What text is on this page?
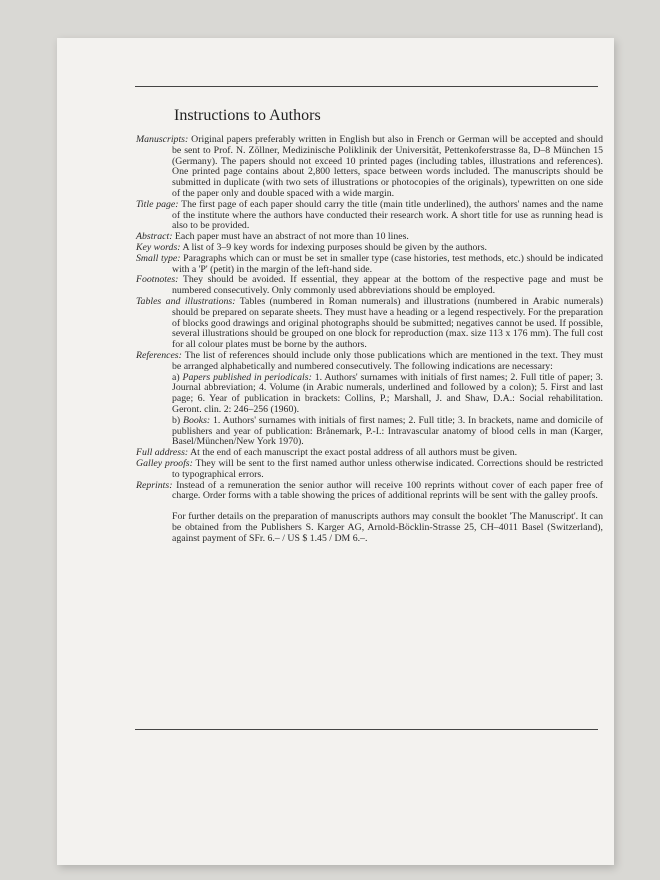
Instructions to Authors

Manuscripts: Original papers preferably written in English but also in French or German will be accepted and should be sent to Prof. N. Zöllner, Medizinische Poliklinik der Universität, Pettenkoferstrasse 8a, D–8 München 15 (Germany). The papers should not exceed 10 printed pages (including tables, illustrations and references). One printed page contains about 2,800 letters, space between words included. The manuscripts should be submitted in duplicate (with two sets of illustrations or photocopies of the originals), typewritten on one side of the paper only and double spaced with a wide margin.

Title page: The first page of each paper should carry the title (main title underlined), the authors' names and the name of the institute where the authors have conducted their research work. A short title for use as running head is also to be provided.

Abstract: Each paper must have an abstract of not more than 10 lines.

Key words: A list of 3–9 key words for indexing purposes should be given by the authors.

Small type: Paragraphs which can or must be set in smaller type (case histories, test methods, etc.) should be indicated with a 'P' (petit) in the margin of the left-hand side.

Footnotes: They should be avoided. If essential, they appear at the bottom of the respective page and must be numbered consecutively. Only commonly used abbreviations should be employed.

Tables and illustrations: Tables (numbered in Roman numerals) and illustrations (numbered in Arabic numerals) should be prepared on separate sheets. They must have a heading or a legend respectively. For the preparation of blocks good drawings and original photographs should be submitted; negatives cannot be used. If possible, several illustrations should be grouped on one block for reproduction (max. size 113 x 176 mm). The full cost for all colour plates must be borne by the authors.

References: The list of references should include only those publications which are mentioned in the text. They must be arranged alphabetically and numbered consecutively. The following indications are necessary:

a) Papers published in periodicals: 1. Authors' surnames with initials of first names; 2. Full title of paper; 3. Journal abbreviation; 4. Volume (in Arabic numerals, underlined and followed by a colon); 5. First and last page; 6. Year of publication in brackets: Collins, P.; Marshall, J. and Shaw, D.A.: Social rehabilitation. Geront. clin. 2: 246–256 (1960).

b) Books: 1. Authors' surnames with initials of first names; 2. Full title; 3. In brackets, name and domicile of publishers and year of publication: Brånemark, P.-I.: Intravascular anatomy of blood cells in man (Karger, Basel/München/New York 1970).

Full address: At the end of each manuscript the exact postal address of all authors must be given.

Galley proofs: They will be sent to the first named author unless otherwise indicated. Corrections should be restricted to typographical errors.

Reprints: Instead of a remuneration the senior author will receive 100 reprints without cover of each paper free of charge. Order forms with a table showing the prices of additional reprints will be sent with the galley proofs.

For further details on the preparation of manuscripts authors may consult the booklet 'The Manuscript'. It can be obtained from the Publishers S. Karger AG, Arnold-Böcklin-Strasse 25, CH–4011 Basel (Switzerland), against payment of SFr. 6.– / US $ 1.45 / DM 6.–.
